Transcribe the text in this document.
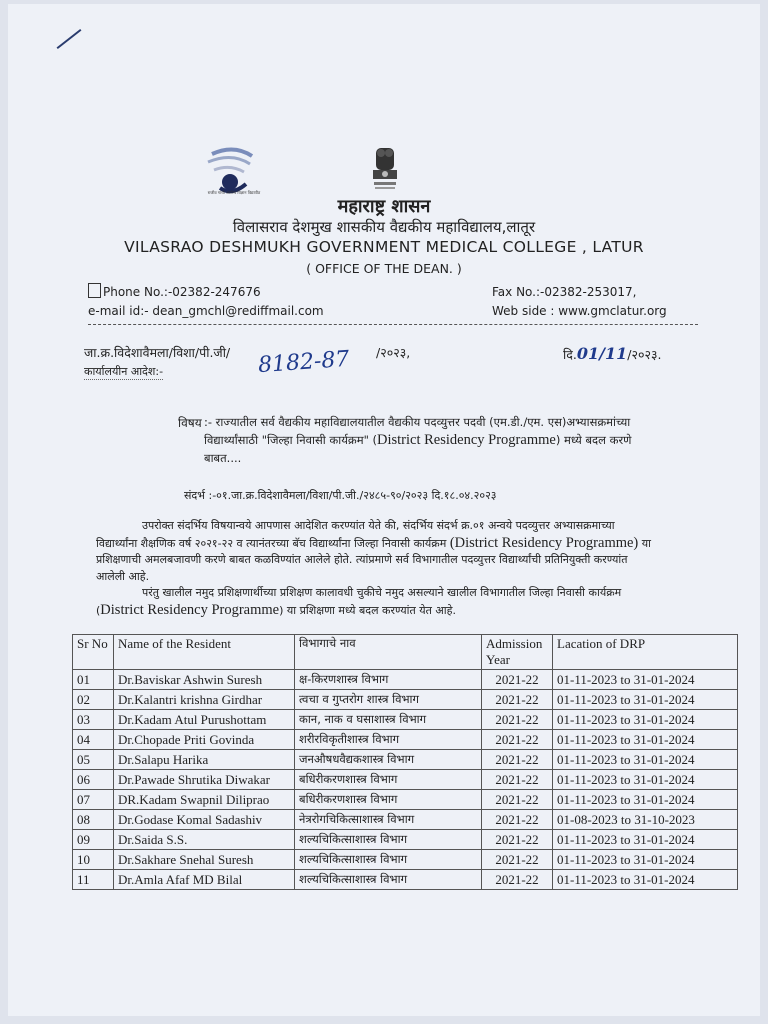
राजीव गांधी आरोग्य विज्ञान विद्यापीठ
महाराष्ट्र शासन
विलासराव देशमुख शासकीय वैद्यकीय महाविद्यालय,लातूर
VILASRAO DESHMUKH GOVERNMENT MEDICAL COLLEGE , LATUR
( OFFICE OF THE DEAN. )
Phone No.:-02382-247676
e-mail id:- dean_gmchl@rediffmail.com
Fax No.:-02382-253017,
Web side : www.gmclatur.org
जा.क्र.विदेशावैमला/विशा/पी.जी/ 8182-87 /२०२३,	दि.01/11/२०२३.
कार्यालयीन आदेश:-
विषय :- राज्यातील सर्व वैद्यकीय महाविद्यालयातील वैद्यकीय पदव्युत्तर पदवी (एम.डी./एम. एस)अभ्यासक्रमांच्या विद्यार्थ्यांसाठी "जिल्हा निवासी कार्यक्रम" (District Residency Programme) मध्ये बदल करणे बाबत....
संदर्भ :-०१.जा.क्र.विदेशावैमला/विशा/पी.जी./२४८५-९०/२०२३ दि.१८.०४.२०२३
उपरोक्त संदर्भिय विषयान्वये आपणास आदेशित करण्यांत येते की, संदर्भिय संदर्भ क्र.०१ अन्वये पदव्युत्तर अभ्यासक्रमाच्या विद्यार्थ्यांना शैक्षणिक वर्ष २०२१-२२ व त्यानंतरच्या बॅच विद्यार्थ्यांना जिल्हा निवासी कार्यक्रम (District Residency Programme) या प्रशिक्षणाची अमलबजावणी करणे बाबत कळविण्यांत आलेले होते. त्यांप्रमाणे सर्व विभागातील पदव्युत्तर विद्यार्थ्यांची प्रतिनियुक्ती करण्यांत आलेली आहे.
परंतु खालील नमुद प्रशिक्षणार्थीच्या प्रशिक्षण कालावधी चुकीचे नमुद असल्याने खालील विभागातील जिल्हा निवासी कार्यक्रम (District Residency Programme) या प्रशिक्षणा मध्ये बदल करण्यांत येत आहे.
Sr No	Name of the Resident	विभागाचे नाव	Admission Year	Lacation of DRP
01	Dr.Baviskar Ashwin Suresh	क्ष-किरणशास्त्र विभाग	2021-22	01-11-2023 to 31-01-2024
02	Dr.Kalantri krishna Girdhar	त्वचा व गुप्तरोग शास्त्र विभाग	2021-22	01-11-2023 to 31-01-2024
03	Dr.Kadam Atul Purushottam	कान, नाक व घसाशास्त्र विभाग	2021-22	01-11-2023 to 31-01-2024
04	Dr.Chopade Priti Govinda	शरीरविकृतीशास्त्र विभाग	2021-22	01-11-2023 to 31-01-2024
05	Dr.Salapu Harika	जनऔषधवैद्यकशास्त्र विभाग	2021-22	01-11-2023 to 31-01-2024
06	Dr.Pawade Shrutika Diwakar	बधिरीकरणशास्त्र विभाग	2021-22	01-11-2023 to 31-01-2024
07	DR.Kadam Swapnil Diliprao	बधिरीकरणशास्त्र विभाग	2021-22	01-11-2023 to 31-01-2024
08	Dr.Godase Komal Sadashiv	नेत्ररोगचिकित्साशास्त्र विभाग	2021-22	01-08-2023 to 31-10-2023
09	Dr.Saida S.S.	शल्यचिकित्साशास्त्र विभाग	2021-22	01-11-2023 to 31-01-2024
10	Dr.Sakhare Snehal Suresh	शल्यचिकित्साशास्त्र विभाग	2021-22	01-11-2023 to 31-01-2024
11	Dr.Amla Afaf MD Bilal	शल्यचिकित्साशास्त्र विभाग	2021-22	01-11-2023 to 31-01-2024
